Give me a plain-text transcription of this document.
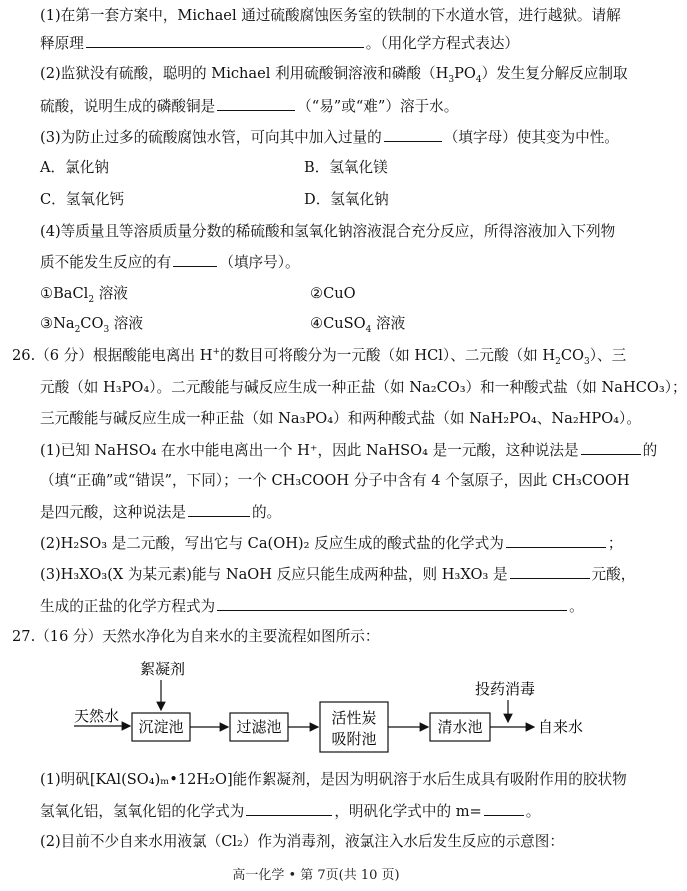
(1)在第一套方案中，Michael 通过硫酸腐蚀医务室的铁制的下水道水管，进行越狱。请解
释原理	。（用化学方程式表达）
(2)监狱没有硫酸，聪明的 Michael 利用硫酸铜溶液和磷酸$(H_3PO_4)$发生复分解反应制取
硫酸，说明生成的磷酸铜是	（“易”或“难”）溶于水。
(3)为防止过多的硫酸腐蚀水管，可向其中加入过量的	（填字母）使其变为中性。
A．氯化钠	B．氢氧化镁
C．氢氧化钙	D．氢氧化钠
(4)等质量且等溶质质量分数的稀硫酸和氢氧化钠溶液混合充分反应，所得溶液加入下列物
质不能发生反应的有	（填序号）。
①BaCl$_2$ 溶液	②CuO
$③Na_2CO_3$ 溶液	④CuSO$_4$ 溶液
26.（6 分）根据酸能电离出 H+的数目可将酸分为一元酸（如 HCl）、二元酸（如 $H_2CO_3$）、三
元酸（如 H₃PO₄）。二元酸能与碱反应生成一种正盐（如 Na₂CO₃）和一种酸式盐（如 NaHCO₃）；
三元酸能与碱反应生成一种正盐（如 Na₃PO₄）和两种酸式盐（如 NaH₂PO₄、Na₂HPO₄）。
(1)已知 NaHSO₄ 在水中能电离出一个 H⁺，因此 NaHSO₄ 是一元酸，这种说法是	的
（填“正确”或“错误”，下同）；一个 CH₃COOH 分子中含有 4 个氢原子，因此 CH₃COOH
是四元酸，这种说法是	的。
(2)H₂SO₃ 是二元酸，写出它与 Ca(OH)₂ 反应生成的酸式盐的化学式为	；
(3)H₃XO₃(X 为某元素)能与 NaOH 反应只能生成两种盐，则 H₃XO₃ 是	元酸，
生成的正盐的化学方程式为	。
27.（16 分）天然水净化为自来水的主要流程如图所示：
絮凝剂
投药消毒
天然水
沉淀池	过滤池	活性炭
吸附池
清水池	自来水
(1)明矾[KAl(SO₄)ₘ•12H₂O]能作絮凝剂，是因为明矾溶于水后生成具有吸附作用的胶状物
氢氧化铝，氢氧化铝的化学式为	，明矾化学式中的 m=	。
(2)目前不少自来水用液氯（Cl₂）作为消毒剂，液氯注入水后发生反应的示意图：
高一化学 • 第 7页(共 10 页)
